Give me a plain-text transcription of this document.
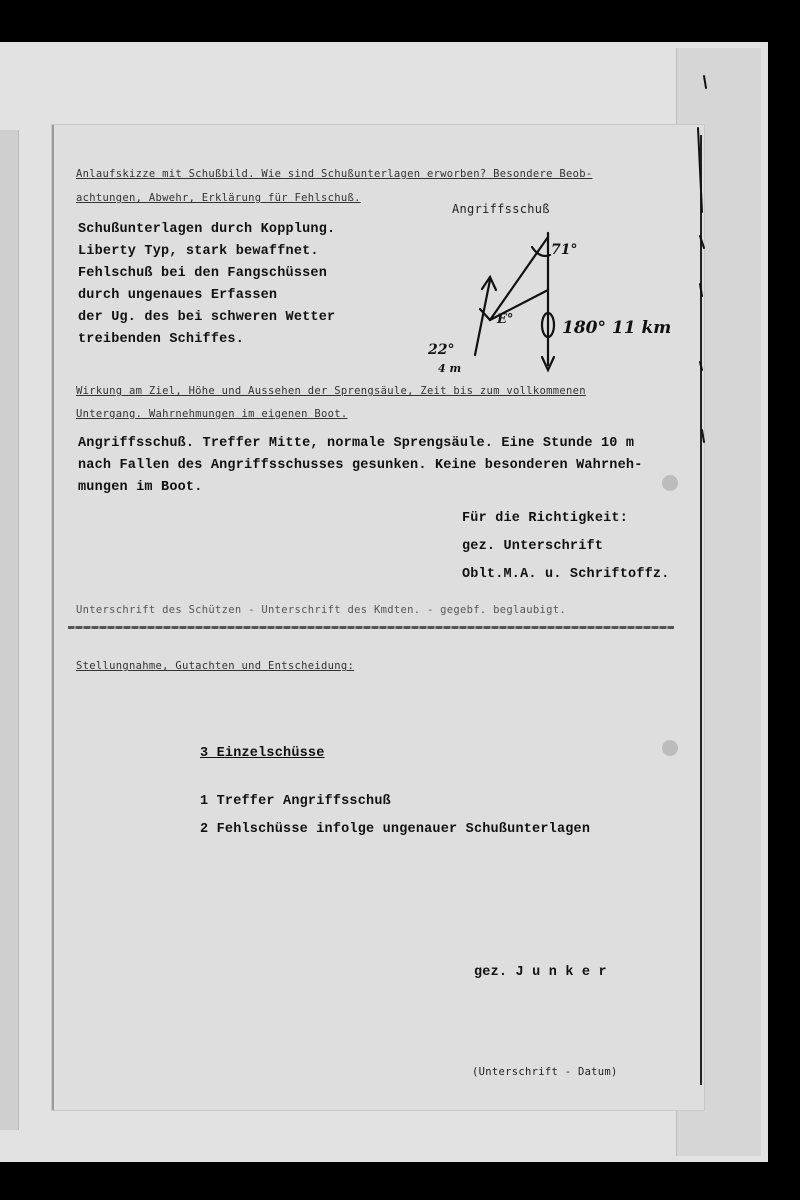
Anlaufskizze mit Schußbild. Wie sind Schußunterlagen erworben? Besondere Beob-
achtungen, Abwehr, Erklärung für Fehlschuß.
Schußunterlagen durch Kopplung.
Liberty Typ, stark bewaffnet.
Fehlschuß bei den Fangschüssen
durch ungenaues Erfassen
der Ug. des bei schweren Wetter
treibenden Schiffes.
Angriffsschuß
71°
180° 11 km
E°
22°
4 m
Wirkung am Ziel, Höhe und Aussehen der Sprengsäule, Zeit bis zum vollkommenen
Untergang. Wahrnehmungen im eigenen Boot.
Angriffsschuß. Treffer Mitte, normale Sprengsäule. Eine Stunde 10 m
nach Fallen des Angriffsschusses gesunken. Keine besonderen Wahrneh-
mungen im Boot.
Für die Richtigkeit:
gez. Unterschrift
Oblt.M.A. u. Schriftoffz.
Unterschrift des Schützen - Unterschrift des Kmdten. - gegebf. beglaubigt.
Stellungnahme, Gutachten und Entscheidung:
3 Einzelschüsse
1 Treffer Angriffsschuß
2 Fehlschüsse infolge ungenauer Schußunterlagen
gez. J u n k e r
(Unterschrift - Datum)
